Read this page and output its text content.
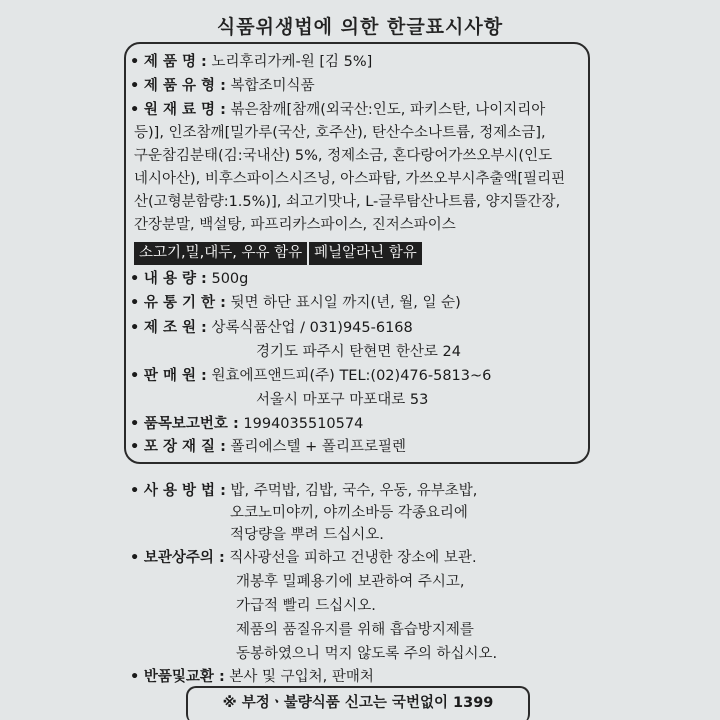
식품위생법에 의한 한글표시사항
• 제 품 명 : 노리후리가케-원 [김 5%]
• 제 품 유 형 : 복합조미식품
• 원 재 료 명 : 볶은참깨[참깨(외국산:인도, 파키스탄, 나이지리아
등)], 인조참깨[밀가루(국산, 호주산), 탄산수소나트륨, 정제소금],
구운참김분태(김:국내산) 5%, 정제소금, 혼다랑어가쓰오부시(인도
네시아산), 비후스파이스시즈닝, 아스파탐, 가쓰오부시추출액[필리핀
산(고형분함량:1.5%)], 쇠고기맛나, L-글루탐산나트륨, 양지뜰간장,
간장분말, 백설탕, 파프리카스파이스, 진저스파이스
소고기,밀,대두, 우유 함유 페닐알라닌 함유
• 내 용 량 : 500g
• 유 통 기 한 : 뒷면 하단 표시일 까지(년, 월, 일 순)
• 제 조 원 : 상록식품산업 / 031)945-6168
경기도 파주시 탄현면 한산로 24
• 판 매 원 : 원효에프앤드피(주) TEL:(02)476-5813~6
서울시 마포구 마포대로 53
• 품목보고번호 : 1994035510574
• 포 장 재 질 : 폴리에스텔 + 폴리프로필렌
• 사 용 방 법 : 밥, 주먹밥, 김밥, 국수, 우동, 유부초밥,
오코노미야끼, 야끼소바등 각종요리에
적당량을 뿌려 드십시오.
• 보관상주의 : 직사광선을 피하고 건냉한 장소에 보관.
개봉후 밀폐용기에 보관하여 주시고,
가급적 빨리 드십시오.
제품의 품질유지를 위해 흡습방지제를
동봉하였으니 먹지 않도록 주의 하십시오.
• 반품및교환 : 본사 및 구입처, 판매처
※ 부정ㆍ불량식품 신고는 국번없이 1399
